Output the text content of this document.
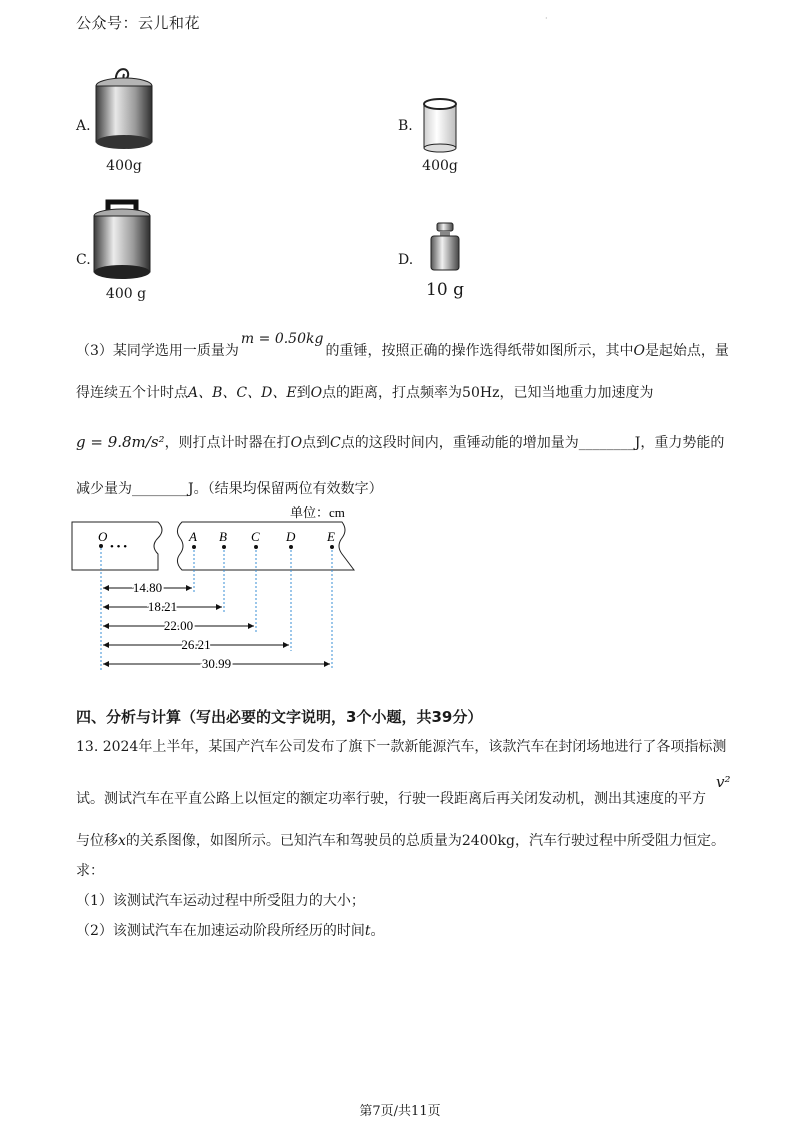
公众号：云儿和花	·
A.
400g
B.
400g
C.
400 g
D.
10 g
（3）某同学选用一质量为m = 0.50kg的重锤，按照正确的操作选得纸带如图所示，其中O是起始点，量
得连续五个计时点A、B、C、D、E到O点的距离，打点频率为50Hz，已知当地重力加速度为
g = 9.8m/s²，则打点计时器在打O点到C点的这段时间内，重锤动能的增加量为________J，重力势能的
减少量为________J。（结果均保留两位有效数字）
单位：cm
O
• • •
A B C D E
14.80
18.21
22.00
26.21
30.99
四、分析与计算（写出必要的文字说明，3个小题，共39分）
13. 2024年上半年，某国产汽车公司发布了旗下一款新能源汽车，该款汽车在封闭场地进行了各项指标测
试。测试汽车在平直公路上以恒定的额定功率行驶，行驶一段距离后再关闭发动机，测出其速度的平方
v²
与位移x的关系图像，如图所示。已知汽车和驾驶员的总质量为2400kg，汽车行驶过程中所受阻力恒定。
求：
（1）该测试汽车运动过程中所受阻力的大小；
（2）该测试汽车在加速运动阶段所经历的时间t。
第7页/共11页
